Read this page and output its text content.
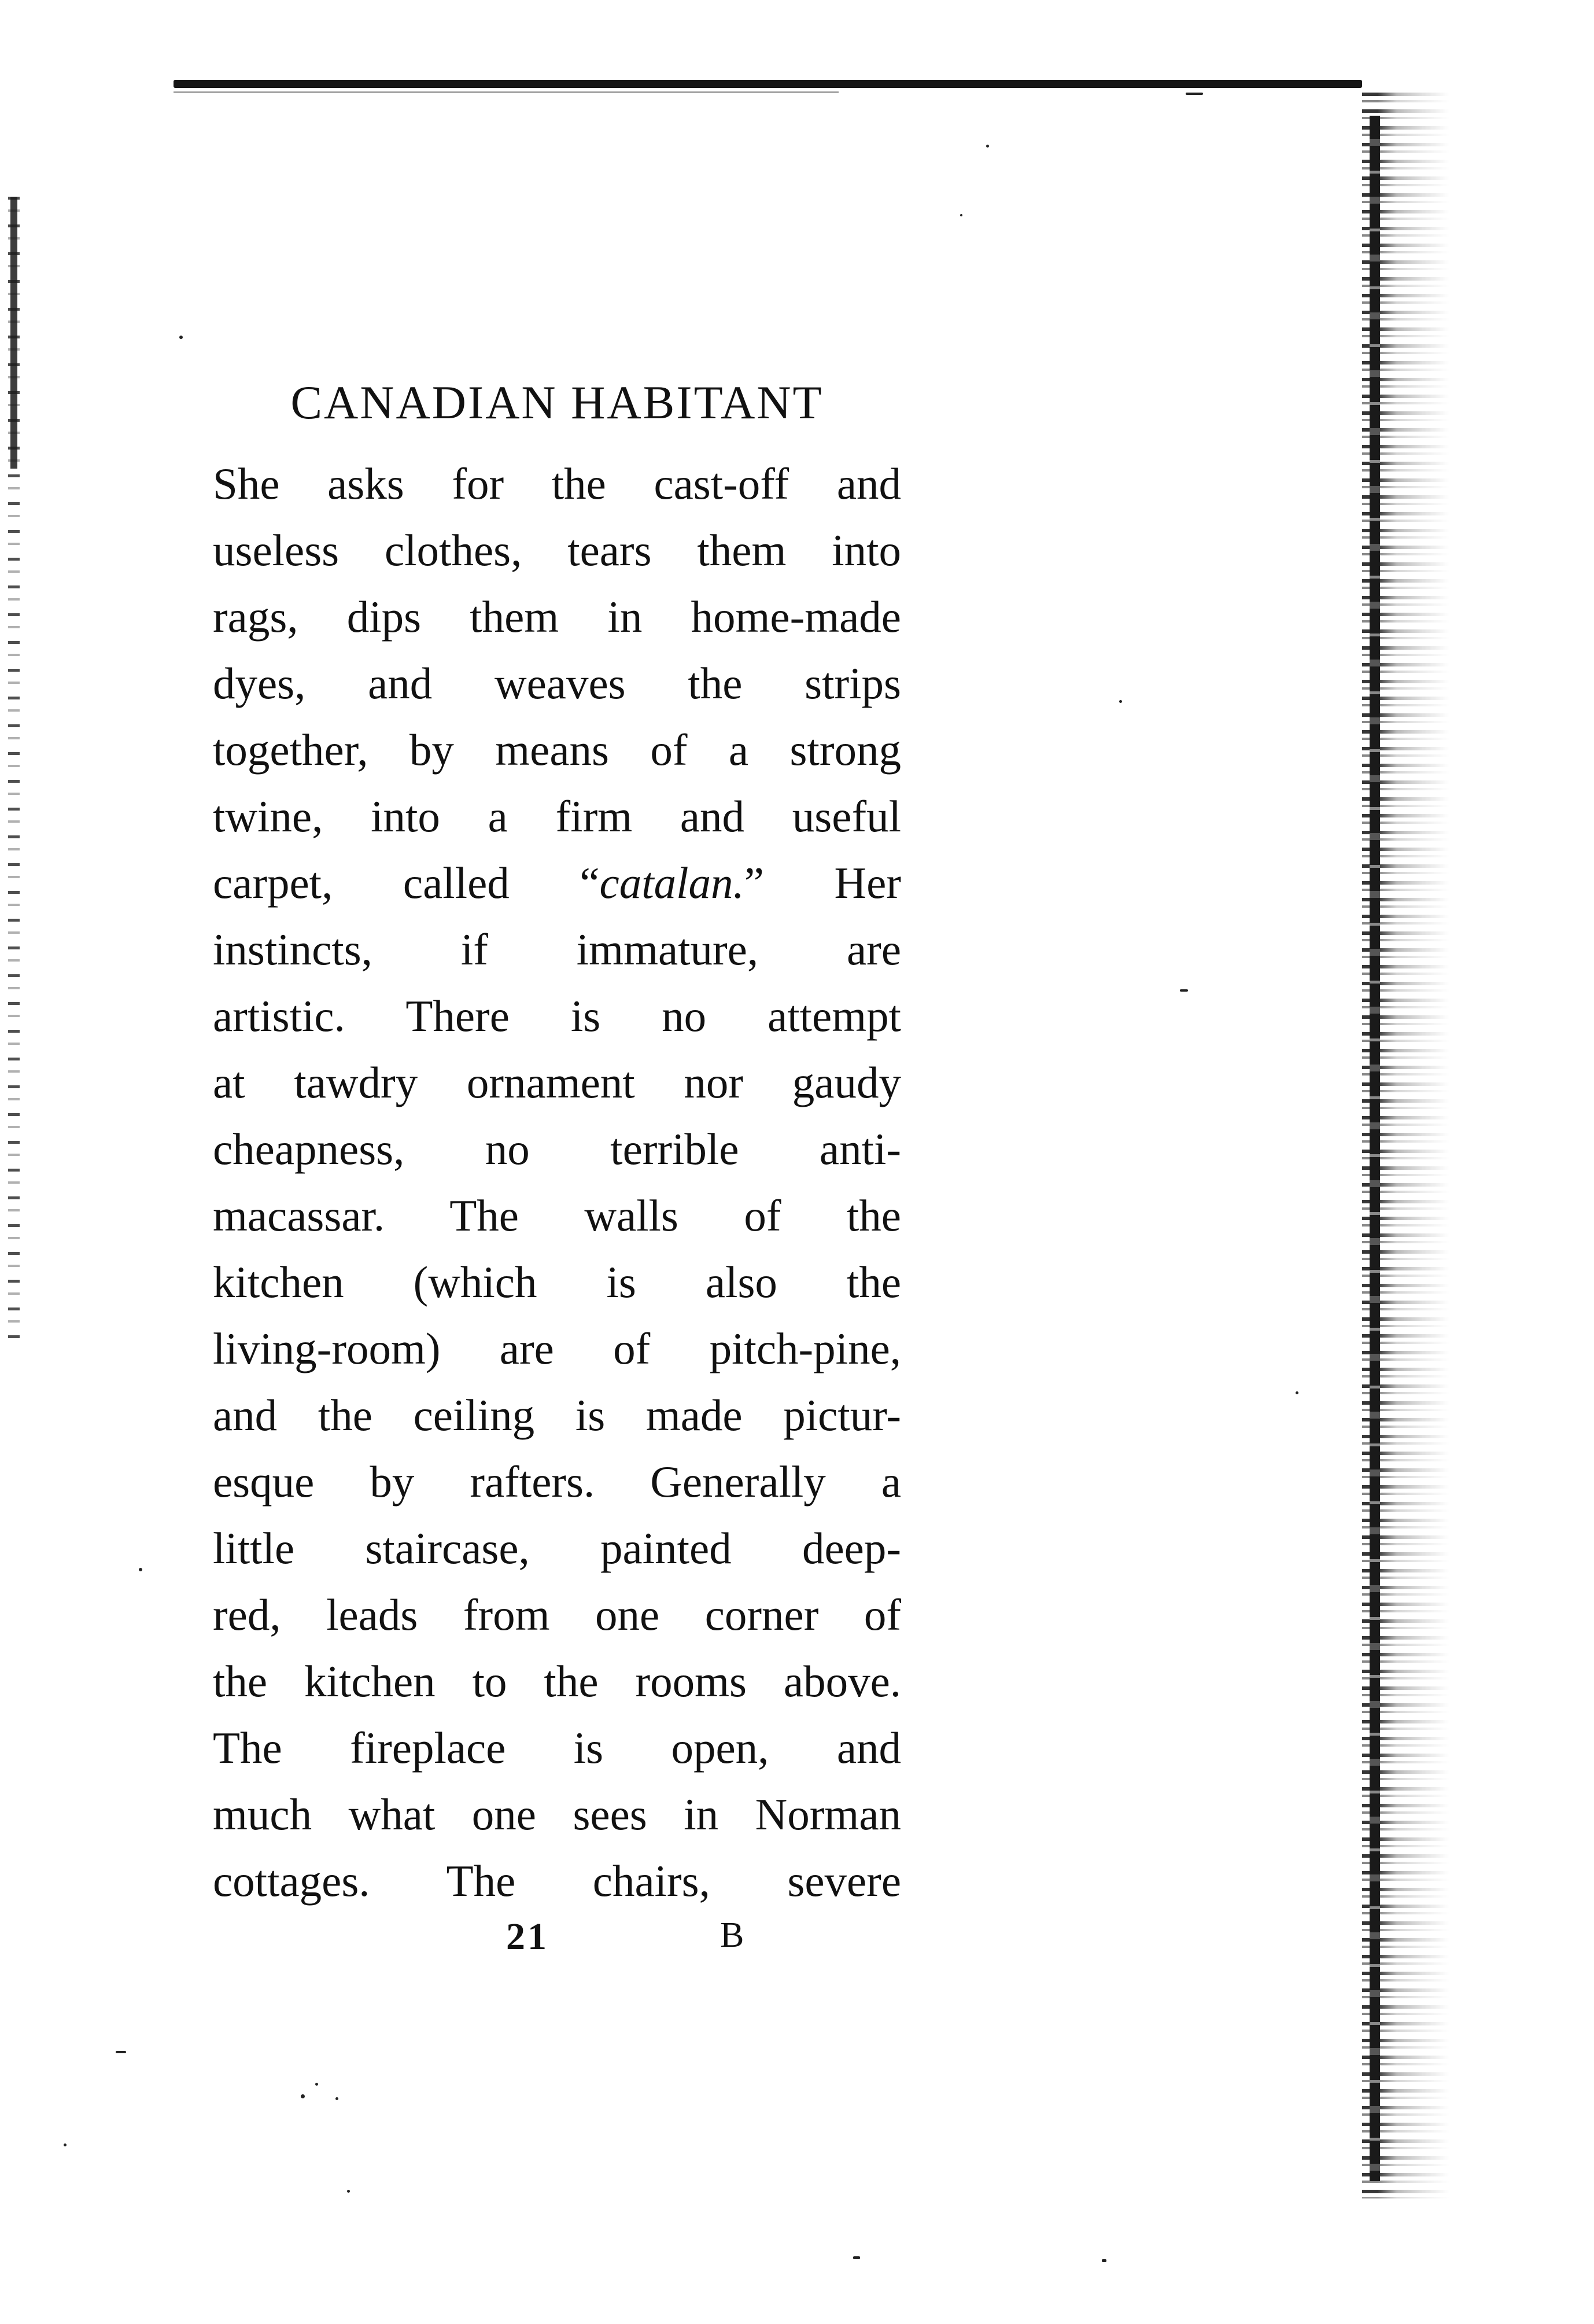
CANADIAN HABITANT
She asks for the cast-off and
useless clothes, tears them into
rags, dips them in home-made
dyes, and weaves the strips
together, by means of a strong
twine, into a firm and useful
carpet, called “catalan.” Her
instincts, if immature, are
artistic. There is no attempt
at tawdry ornament nor gaudy
cheapness, no terrible anti-
macassar. The walls of the
kitchen (which is also the
living-room) are of pitch-pine,
and the ceiling is made pictur-
esque by rafters. Generally a
little staircase, painted deep-
red, leads from one corner of
the kitchen to the rooms above.
The fireplace is open, and
much what one sees in Norman
cottages. The chairs, severe
21	B
